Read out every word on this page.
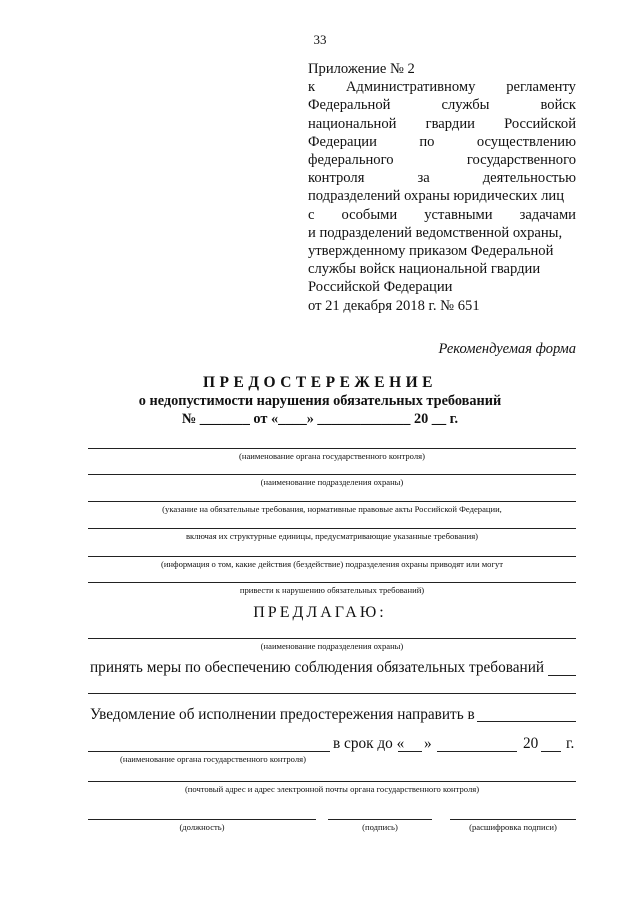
33
Приложение № 2
к Административному регламенту
Федеральной	службы	войск
национальной гвардии Российской
Федерации	по	осуществлению
федерального	государственного
контроля	за	деятельностью
подразделений охраны юридических лиц
с особыми уставными задачами
и подразделений ведомственной охраны,
утвержденному приказом Федеральной
службы войск национальной гвардии
Российской Федерации
от 21 декабря 2018 г. № 651
Рекомендуемая форма
ПРЕДОСТЕРЕЖЕНИЕ
о недопустимости нарушения обязательных требований
№ _______ от «____» _____________ 20 __ г.
(наименование органа государственного контроля)
(наименование подразделения охраны)
(указание на обязательные требования, нормативные правовые акты Российской Федерации,
включая их структурные единицы, предусматривающие указанные требования)
(информация о том, какие действия (бездействие) подразделения охраны приводят или могут
привести к нарушению обязательных требований)
ПРЕДЛАГАЮ:
(наименование подразделения охраны)
принять меры по обеспечению соблюдения обязательных требований
Уведомление об исполнении предостережения направить в
в срок до « »	20 г.
(наименование органа государственного контроля)
(почтовый адрес и адрес электронной почты органа государственного контроля)
(должность)	(подпись)	(расшифровка подписи)
